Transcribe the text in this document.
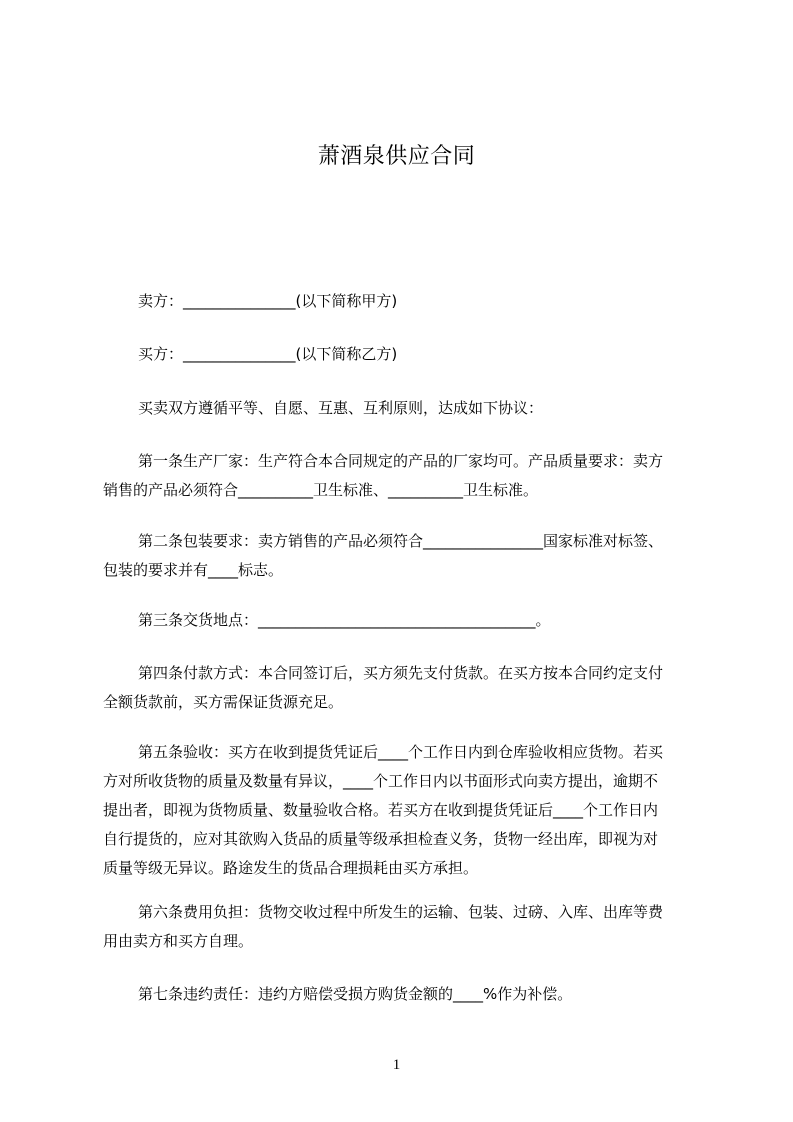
萧酒泉供应合同
卖方：_______________(以下简称甲方)
买方：_______________(以下简称乙方)
买卖双方遵循平等、自愿、互惠、互利原则，达成如下协议：
第一条生产厂家：生产符合本合同规定的产品的厂家均可。产品质量要求：卖方
销售的产品必须符合__________卫生标准、__________卫生标准。
第二条包装要求：卖方销售的产品必须符合________________国家标准对标签、
包装的要求并有____标志。
第三条交货地点：_____________________________________。
第四条付款方式：本合同签订后，买方须先支付货款。在买方按本合同约定支付
全额货款前，买方需保证货源充足。
第五条验收：买方在收到提货凭证后____个工作日内到仓库验收相应货物。若买
方对所收货物的质量及数量有异议，____个工作日内以书面形式向卖方提出，逾期不
提出者，即视为货物质量、数量验收合格。若买方在收到提货凭证后____个工作日内
自行提货的，应对其欲购入货品的质量等级承担检查义务，货物一经出库，即视为对
质量等级无异议。路途发生的货品合理损耗由买方承担。
第六条费用负担：货物交收过程中所发生的运输、包装、过磅、入库、出库等费
用由卖方和买方自理。
第七条违约责任：违约方赔偿受损方购货金额的____%作为补偿。
1
